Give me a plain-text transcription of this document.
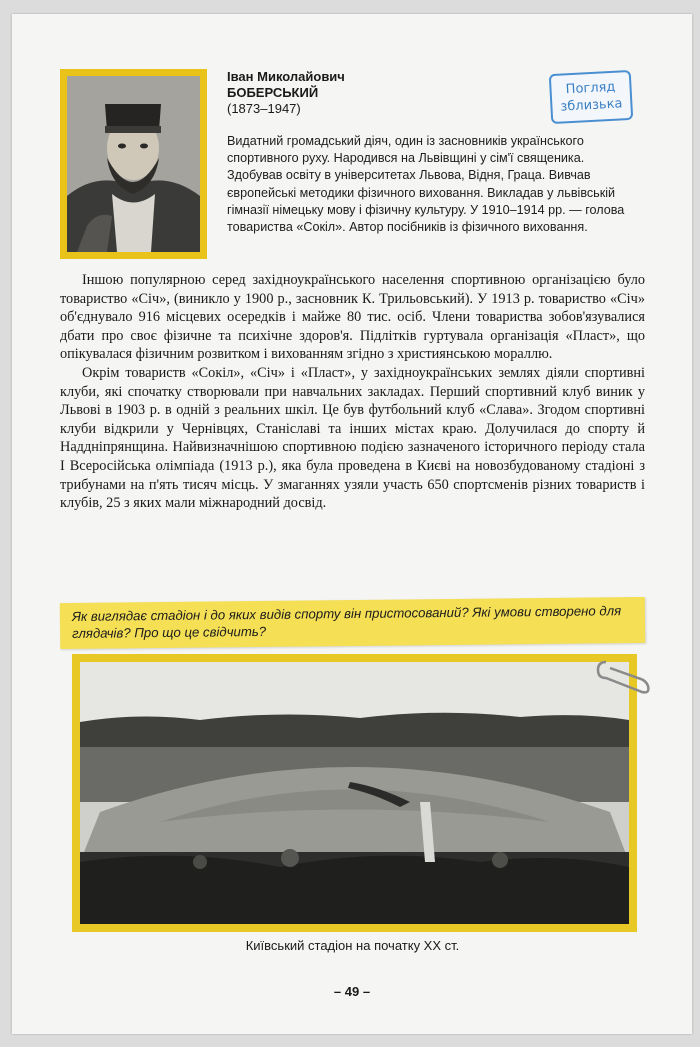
Іван Миколайович
БОБЕРСЬКИЙ
(1873–1947)
Погляд
зблизька
Видатний громадський діяч, один із засновників українського спортивного руху. Народився на Львівщині у сім'ї священика. Здобував освіту в університетах Львова, Відня, Граца. Вивчав європейські методики фізичного виховання. Викладав у львівській гімназії німецьку мову і фізичну культуру. У 1910–1914 рр. — голова товариства «Сокіл». Автор посібників із фізичного виховання.

Іншою популярною серед західноукраїнського населення спортивною організацією було товариство «Січ», (виникло у 1900 р., засновник К. Трильовський). У 1913 р. товариство «Січ» об'єднувало 916 місцевих осередків і майже 80 тис. осіб. Члени товариства зобов'язувалися дбати про своє фізичне та психічне здоров'я. Підлітків гуртувала організація «Пласт», що опікувалася фізичним розвитком і вихованням згідно з християнською мораллю.

Окрім товариств «Сокіл», «Січ» і «Пласт», у західноукраїнських землях діяли спортивні клуби, які спочатку створювали при навчальних закладах. Перший спортивний клуб виник у Львові в 1903 р. в одній з реальних шкіл. Це був футбольний клуб «Слава». Згодом спортивні клуби відкрили у Чернівцях, Станіславі та інших містах краю. Долучилася до спорту й Наддніпрянщина. Найвизначнішою спортивною подією зазначеного історичного періоду стала І Всеросійська олімпіада (1913 р.), яка була проведена в Києві на новозбудованому стадіоні з трибунами на п'ять тисяч місць. У змаганнях узяли участь 650 спортсменів різних товариств і клубів, 25 з яких мали міжнародний досвід.

Як виглядає стадіон і до яких видів спорту він пристосований? Які умови створено для глядачів? Про що це свідчить?
Київський стадіон на початку ХХ ст.
– 49 –
